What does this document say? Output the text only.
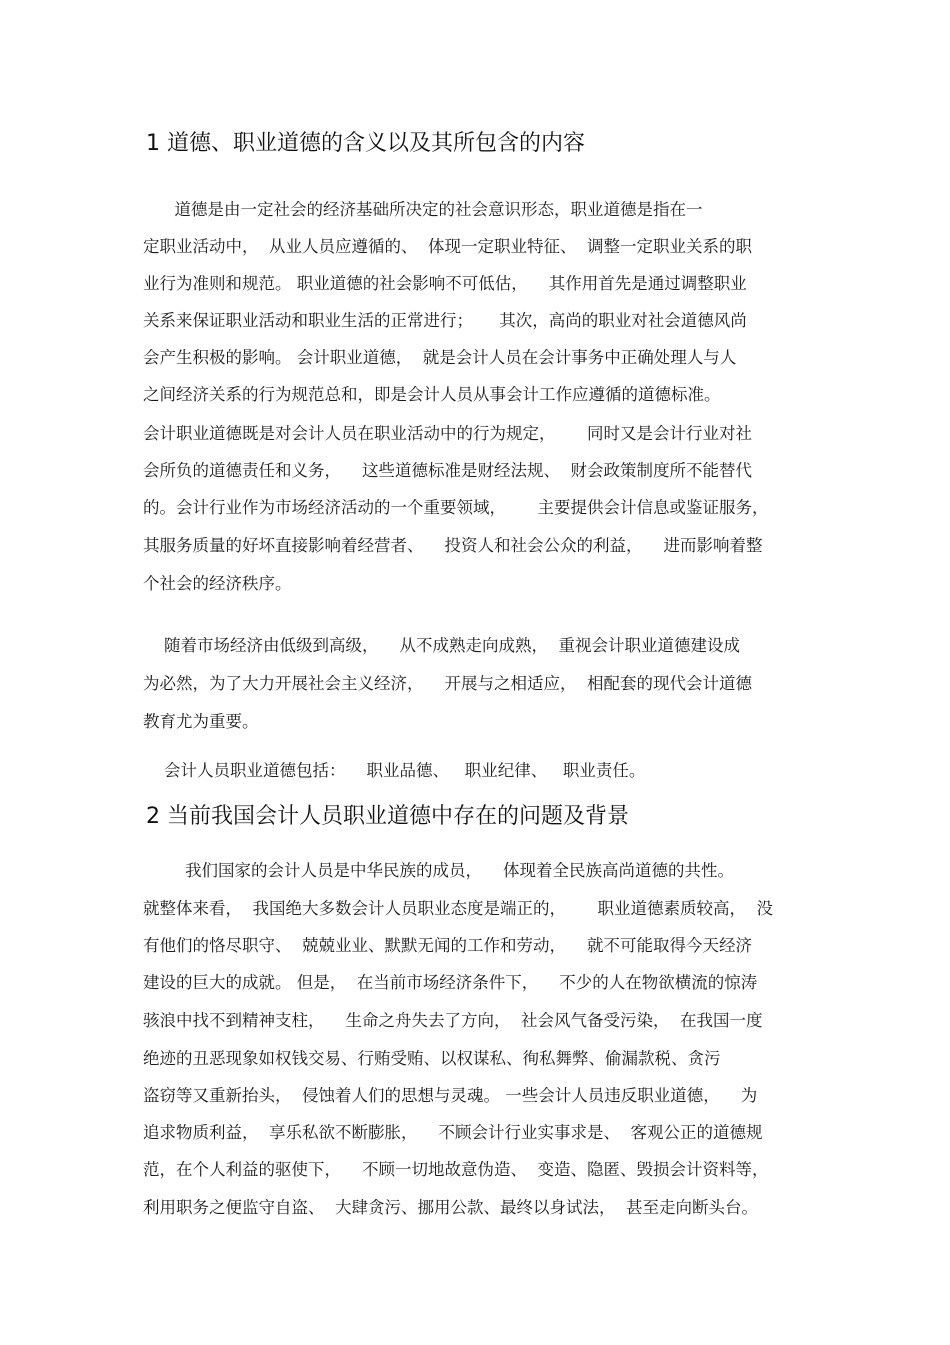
1 道德、职业道德的含义以及其所包含的内容
道德是由一定社会的经济基础所决定的社会意识形态，职业道德是指在一
定职业活动中，  从业人员应遵循的、  体现一定职业特征、  调整一定职业关系的职
业行为准则和规范。 职业道德的社会影响不可低估，    其作用首先是通过调整职业
关系来保证职业活动和职业生活的正常进行；     其次，高尚的职业对社会道德风尚
会产生积极的影响。 会计职业道德，  就是会计人员在会计事务中正确处理人与人
之间经济关系的行为规范总和，即是会计人员从事会计工作应遵循的道德标准。
会计职业道德既是对会计人员在职业活动中的行为规定，      同时又是会计行业对社
会所负的道德责任和义务，    这些道德标准是财经法规、  财会政策制度所不能替代
的。会计行业作为市场经济活动的一个重要领域，      主要提供会计信息或鉴证服务，
其服务质量的好坏直接影响着经营者、    投资人和社会公众的利益，    进而影响着整
个社会的经济秩序。
随着市场经济由低级到高级，    从不成熟走向成熟，  重视会计职业道德建设成
为必然，为了大力开展社会主义经济，    开展与之相适应，  相配套的现代会计道德
教育尤为重要。
会计人员职业道德包括：    职业品德、   职业纪律、   职业责任。
2 当前我国会计人员职业道德中存在的问题及背景
我们国家的会计人员是中华民族的成员，    体现着全民族高尚道德的共性。
就整体来看，  我国绝大多数会计人员职业态度是端正的，      职业道德素质较高，  没
有他们的恪尽职守、  兢兢业业、默默无闻的工作和劳动，    就不可能取得今天经济
建设的巨大的成就。 但是，  在当前市场经济条件下，    不少的人在物欲横流的惊涛
骇浪中找不到精神支柱，    生命之舟失去了方向，  社会风气备受污染，  在我国一度
绝迹的丑恶现象如权钱交易、行贿受贿、以权谋私、徇私舞弊、偷漏款税、贪污
盗窃等又重新抬头，  侵蚀着人们的思想与灵魂。 一些会计人员违反职业道德，    为
追求物质利益，  享乐私欲不断膨胀，    不顾会计行业实事求是、  客观公正的道德规
范，在个人利益的驱使下，    不顾一切地故意伪造、  变造、隐匿、毁损会计资料等，
利用职务之便监守自盗、  大肆贪污、挪用公款、最终以身试法，  甚至走向断头台。
